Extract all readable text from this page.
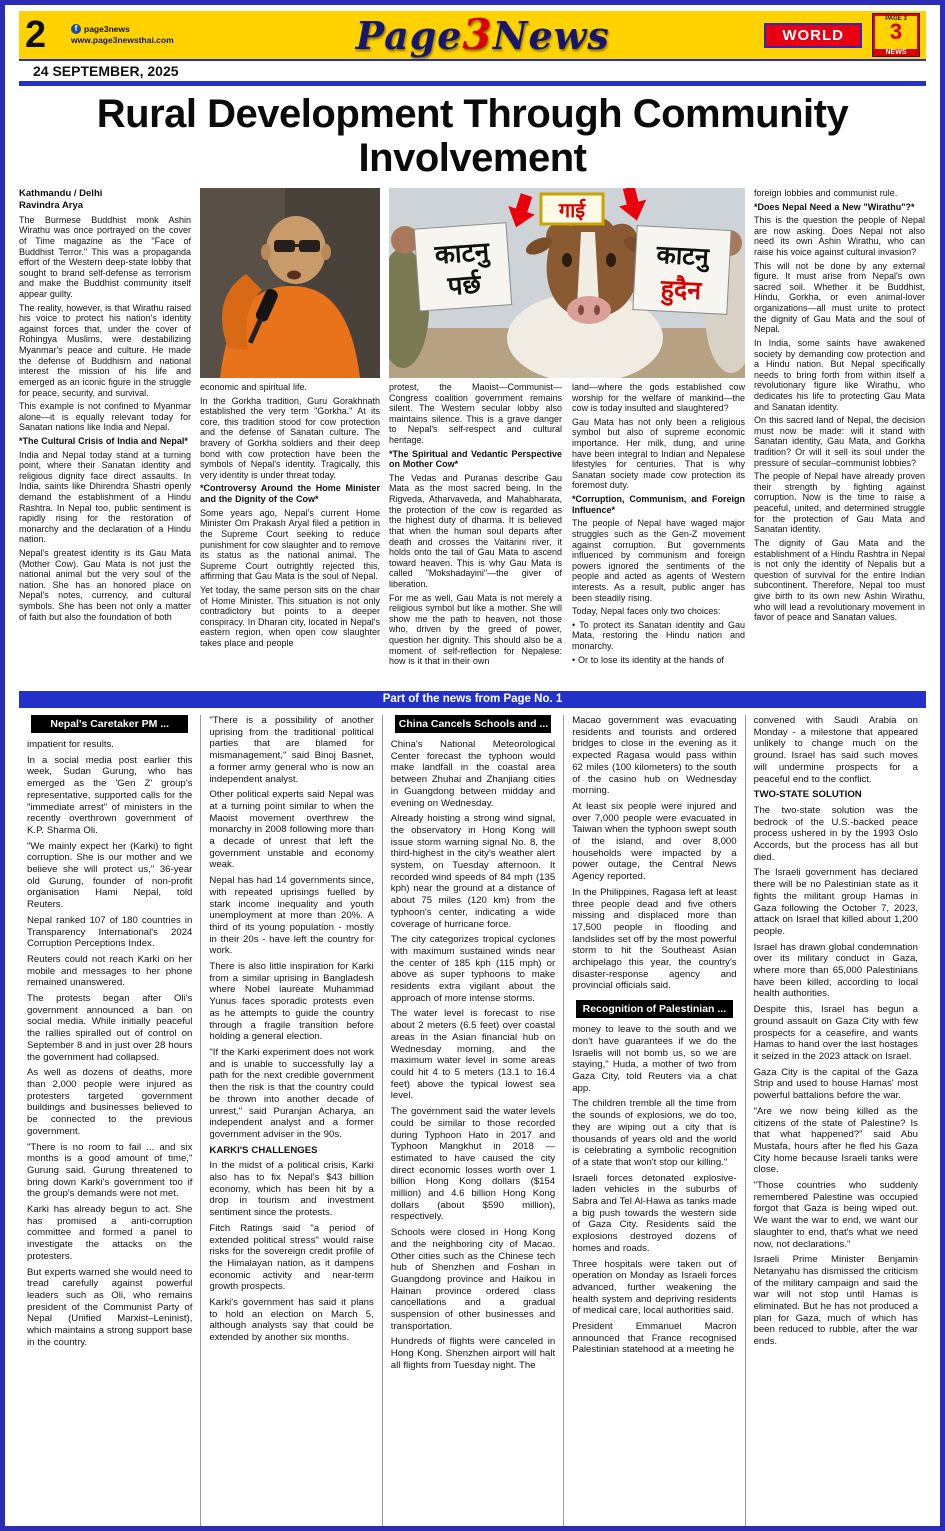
2	f page3news
www.page3newsthai.com	Page3News	WORLD
PAGE 3
3
NEWS
24 SEPTEMBER, 2025
Rural Development Through Community Involvement
Kathmandu / Delhi
Ravindra Arya

The Burmese Buddhist monk Ashin Wirathu was once portrayed on the cover of Time magazine as the "Face of Buddhist Terror." This was a propaganda effort of the Western deep-state lobby that sought to brand self-defense as terrorism and make the Buddhist community itself appear guilty.

The reality, however, is that Wirathu raised his voice to protect his nation's identity against forces that, under the cover of Rohingya Muslims, were destabilizing Myanmar's peace and culture. He made the defense of Buddhism and national interest the mission of his life and emerged as an iconic figure in the struggle for peace, security, and survival.

This example is not confined to Myanmar alone—it is equally relevant today for Sanatan nations like India and Nepal.

*The Cultural Crisis of India and Nepal*

India and Nepal today stand at a turning point, where their Sanatan identity and religious dignity face direct assaults. In India, saints like Dhirendra Shastri openly demand the establishment of a Hindu Rashtra. In Nepal too, public sentiment is rapidly rising for the restoration of monarchy and the declaration of a Hindu nation.

Nepal's greatest identity is its Gau Mata (Mother Cow). Gau Mata is not just the national animal but the very soul of the nation. She has an honored place on Nepal's notes, currency, and cultural symbols. She has been not only a matter of faith but also the foundation of both

economic and spiritual life.

In the Gorkha tradition, Guru Gorakhnath established the very term "Gorkha." At its core, this tradition stood for cow protection and the defense of Sanatan culture. The bravery of Gorkha soldiers and their deep bond with cow protection have been the symbols of Nepal's identity. Tragically, this very identity is under threat today.

*Controversy Around the Home Minister and the Dignity of the Cow*

Some years ago, Nepal's current Home Minister Om Prakash Aryal filed a petition in the Supreme Court seeking to reduce punishment for cow slaughter and to remove its status as the national animal. The Supreme Court outrightly rejected this, affirming that Gau Mata is the soul of Nepal.

Yet today, the same person sits on the chair of Home Minister. This situation is not only contradictory but points to a deeper conspiracy. In Dharan city, located in Nepal's eastern region, when open cow slaughter takes place and people

काटनु
पर्छ
गाई
काटनु
हुदैन

protest, the Maoist—Communist—Congress coalition government remains silent. The Western secular lobby also maintains silence. This is a grave danger to Nepal's self-respect and cultural heritage.

*The Spiritual and Vedantic Perspective on Mother Cow*

The Vedas and Puranas describe Gau Mata as the most sacred being. In the Rigveda, Atharvaveda, and Mahabharata, the protection of the cow is regarded as the highest duty of dharma. It is believed that when the human soul departs after death and crosses the Vaitarini river, it holds onto the tail of Gau Mata to ascend toward heaven. This is why Gau Mata is called "Mokshadayini"—the giver of liberation.

For me as well, Gau Mata is not merely a religious symbol but like a mother. She will show me the path to heaven, not those who, driven by the greed of power, question her dignity. This should also be a moment of self-reflection for Nepalese: how is it that in their own

land—where the gods established cow worship for the welfare of mankind—the cow is today insulted and slaughtered?

Gau Mata has not only been a religious symbol but also of supreme economic importance. Her milk, dung, and urine have been integral to Indian and Nepalese lifestyles for centuries. That is why Sanatan society made cow protection its foremost duty.

*Corruption, Communism, and Foreign Influence*

The people of Nepal have waged major struggles such as the Gen-Z movement against corruption. But governments influenced by communism and foreign powers ignored the sentiments of the people and acted as agents of Western interests. As a result, public anger has been steadily rising.

Today, Nepal faces only two choices:

• To protect its Sanatan identity and Gau Mata, restoring the Hindu nation and monarchy.

• Or to lose its identity at the hands of

foreign lobbies and communist rule.

*Does Nepal Need a New "Wirathu"?*

This is the question the people of Nepal are now asking. Does Nepal not also need its own Ashin Wirathu, who can raise his voice against cultural invasion?

This will not be done by any external figure. It must arise from Nepal's own sacred soil. Whether it be Buddhist, Hindu, Gorkha, or even animal-lover organizations—all must unite to protect the dignity of Gau Mata and the soul of Nepal.

In India, some saints have awakened society by demanding cow protection and a Hindu nation. But Nepal specifically needs to bring forth from within itself a revolutionary figure like Wirathu, who dedicates his life to protecting Gau Mata and Sanatan identity.

On this sacred land of Nepal, the decision must now be made: will it stand with Sanatan identity, Gau Mata, and Gorkha tradition? Or will it sell its soul under the pressure of secular–communist lobbies?

The people of Nepal have already proven their strength by fighting against corruption. Now is the time to raise a peaceful, united, and determined struggle for the protection of Gau Mata and Sanatan identity.

The dignity of Gau Mata and the establishment of a Hindu Rashtra in Nepal is not only the identity of Nepalis but a question of survival for the entire Indian subcontinent. Therefore, Nepal too must give birth to its own new Ashin Wirathu, who will lead a revolutionary movement in favor of peace and Sanatan values.

Part of the news from Page No. 1
Nepal's Caretaker PM ...

impatient for results.

In a social media post earlier this week, Sudan Gurung, who has emerged as the 'Gen Z' group's representative, supported calls for the "immediate arrest" of ministers in the recently overthrown government of K.P. Sharma Oli.

"We mainly expect her (Karki) to fight corruption. She is our mother and we believe she will protect us," 36-year old Gurung, founder of non-profit organisation Hami Nepal, told Reuters.

Nepal ranked 107 of 180 countries in Transparency International's 2024 Corruption Perceptions Index.

Reuters could not reach Karki on her mobile and messages to her phone remained unanswered.

The protests began after Oli's government announced a ban on social media. While initially peaceful the rallies spiralled out of control on September 8 and in just over 28 hours the government had collapsed.

As well as dozens of deaths, more than 2,000 people were injured as protesters targeted government buildings and businesses believed to be connected to the previous government.

"There is no room to fail ... and six months is a good amount of time," Gurung said. Gurung threatened to bring down Karki's government too if the group's demands were not met.

Karki has already begun to act. She has promised a anti-corruption committee and formed a panel to investigate the attacks on the protesters.

But experts warned she would need to tread carefully against powerful leaders such as Oli, who remains president of the Communist Party of Nepal (Unified Marxist–Leninist), which maintains a strong support base in the country.

"There is a possibility of another uprising from the traditional political parties that are blamed for mismanagement," said Binoj Basnet, a former army general who is now an independent analyst.

Other political experts said Nepal was at a turning point similar to when the Maoist movement overthrew the monarchy in 2008 following more than a decade of unrest that left the government unstable and economy weak.

Nepal has had 14 governments since, with repeated uprisings fuelled by stark income inequality and youth unemployment at more than 20%. A third of its young population - mostly in their 20s - have left the country for work.

There is also little inspiration for Karki from a similar uprising in Bangladesh where Nobel laureate Muhammad Yunus faces sporadic protests even as he attempts to guide the country through a fragile transition before holding a general election.

"If the Karki experiment does not work and is unable to successfully lay a path for the next credible government then the risk is that the country could be thrown into another decade of unrest," said Puranjan Acharya, an independent analyst and a former government adviser in the 90s.

KARKI'S CHALLENGES

In the midst of a political crisis, Karki also has to fix Nepal's $43 billion economy, which has been hit by a drop in tourism and investment sentiment since the protests.

Fitch Ratings said "a period of extended political stress" would raise risks for the sovereign credit profile of the Himalayan nation, as it dampens economic activity and near-term growth prospects.

Karki's government has said it plans to hold an election on March 5, although analysts say that could be extended by another six months.

China Cancels Schools and ...

China's National Meteorological Center forecast the typhoon would make landfall in the coastal area between Zhuhai and Zhanjiang cities in Guangdong between midday and evening on Wednesday.

Already hoisting a strong wind signal, the observatory in Hong Kong will issue storm warning signal No. 8, the third-highest in the city's weather alert system, on Tuesday afternoon. It recorded wind speeds of 84 mph (135 kph) near the ground at a distance of about 75 miles (120 km) from the typhoon's center, indicating a wide coverage of hurricane force.

The city categorizes tropical cyclones with maximum sustained winds near the center of 185 kph (115 mph) or above as super typhoons to make residents extra vigilant about the approach of more intense storms.

The water level is forecast to rise about 2 meters (6.5 feet) over coastal areas in the Asian financial hub on Wednesday morning, and the maximum water level in some areas could hit 4 to 5 meters (13.1 to 16.4 feet) above the typical lowest sea level.

The government said the water levels could be similar to those recorded during Typhoon Hato in 2017 and Typhoon Mangkhut in 2018 — estimated to have caused the city direct economic losses worth over 1 billion Hong Kong dollars ($154 million) and 4.6 billion Hong Kong dollars (about $590 million), respectively.

Schools were closed in Hong Kong and the neighboring city of Macao. Other cities such as the Chinese tech hub of Shenzhen and Foshan in Guangdong province and Haikou in Hainan province ordered class cancellations and a gradual suspension of other businesses and transportation.

Hundreds of flights were canceled in Hong Kong. Shenzhen airport will halt all flights from Tuesday night. The

Macao government was evacuating residents and tourists and ordered bridges to close in the evening as it expected Ragasa would pass within 62 miles (100 kilometers) to the south of the casino hub on Wednesday morning.

At least six people were injured and over 7,000 people were evacuated in Taiwan when the typhoon swept south of the island, and over 8,000 households were impacted by a power outage, the Central News Agency reported.

In the Philippines, Ragasa left at least three people dead and five others missing and displaced more than 17,500 people in flooding and landslides set off by the most powerful storm to hit the Southeast Asian archipelago this year, the country's disaster-response agency and provincial officials said.

Recognition of Palestinian ...

money to leave to the south and we don't have guarantees if we do the Israelis will not bomb us, so we are staying," Huda, a mother of two from Gaza City, told Reuters via a chat app.

The children tremble all the time from the sounds of explosions, we do too, they are wiping out a city that is thousands of years old and the world is celebrating a symbolic recognition of a state that won't stop our killing."

Israeli forces detonated explosive-laden vehicles in the suburbs of Sabra and Tel Al-Hawa as tanks made a big push towards the western side of Gaza City. Residents said the explosions destroyed dozens of homes and roads.

Three hospitals were taken out of operation on Monday as Israeli forces advanced, further weakening the health system and depriving residents of medical care, local authorities said.

President Emmanuel Macron announced that France recognised Palestinian statehood at a meeting he

convened with Saudi Arabia on Monday - a milestone that appeared unlikely to change much on the ground. Israel has said such moves will undermine prospects for a peaceful end to the conflict.

TWO-STATE SOLUTION

The two-state solution was the bedrock of the U.S.-backed peace process ushered in by the 1993 Oslo Accords, but the process has all but died.

The Israeli government has declared there will be no Palestinian state as it fights the militant group Hamas in Gaza following the October 7, 2023, attack on Israel that killed about 1,200 people.

Israel has drawn global condemnation over its military conduct in Gaza, where more than 65,000 Palestinians have been killed, according to local health authorities.

Despite this, Israel has begun a ground assault on Gaza City with few prospects for a ceasefire, and wants Hamas to hand over the last hostages it seized in the 2023 attack on Israel.

Gaza City is the capital of the Gaza Strip and used to house Hamas' most powerful battalions before the war.

"Are we now being killed as the citizens of the state of Palestine? Is that what happened?" said Abu Mustafa, hours after he fled his Gaza City home because Israeli tanks were close.

"Those countries who suddenly remembered Palestine was occupied forgot that Gaza is being wiped out. We want the war to end, we want our slaughter to end, that's what we need now, not declarations."

Israeli Prime Minister Benjamin Netanyahu has dismissed the criticism of the military campaign and said the war will not stop until Hamas is eliminated. But he has not produced a plan for Gaza, much of which has been reduced to rubble, after the war ends.
